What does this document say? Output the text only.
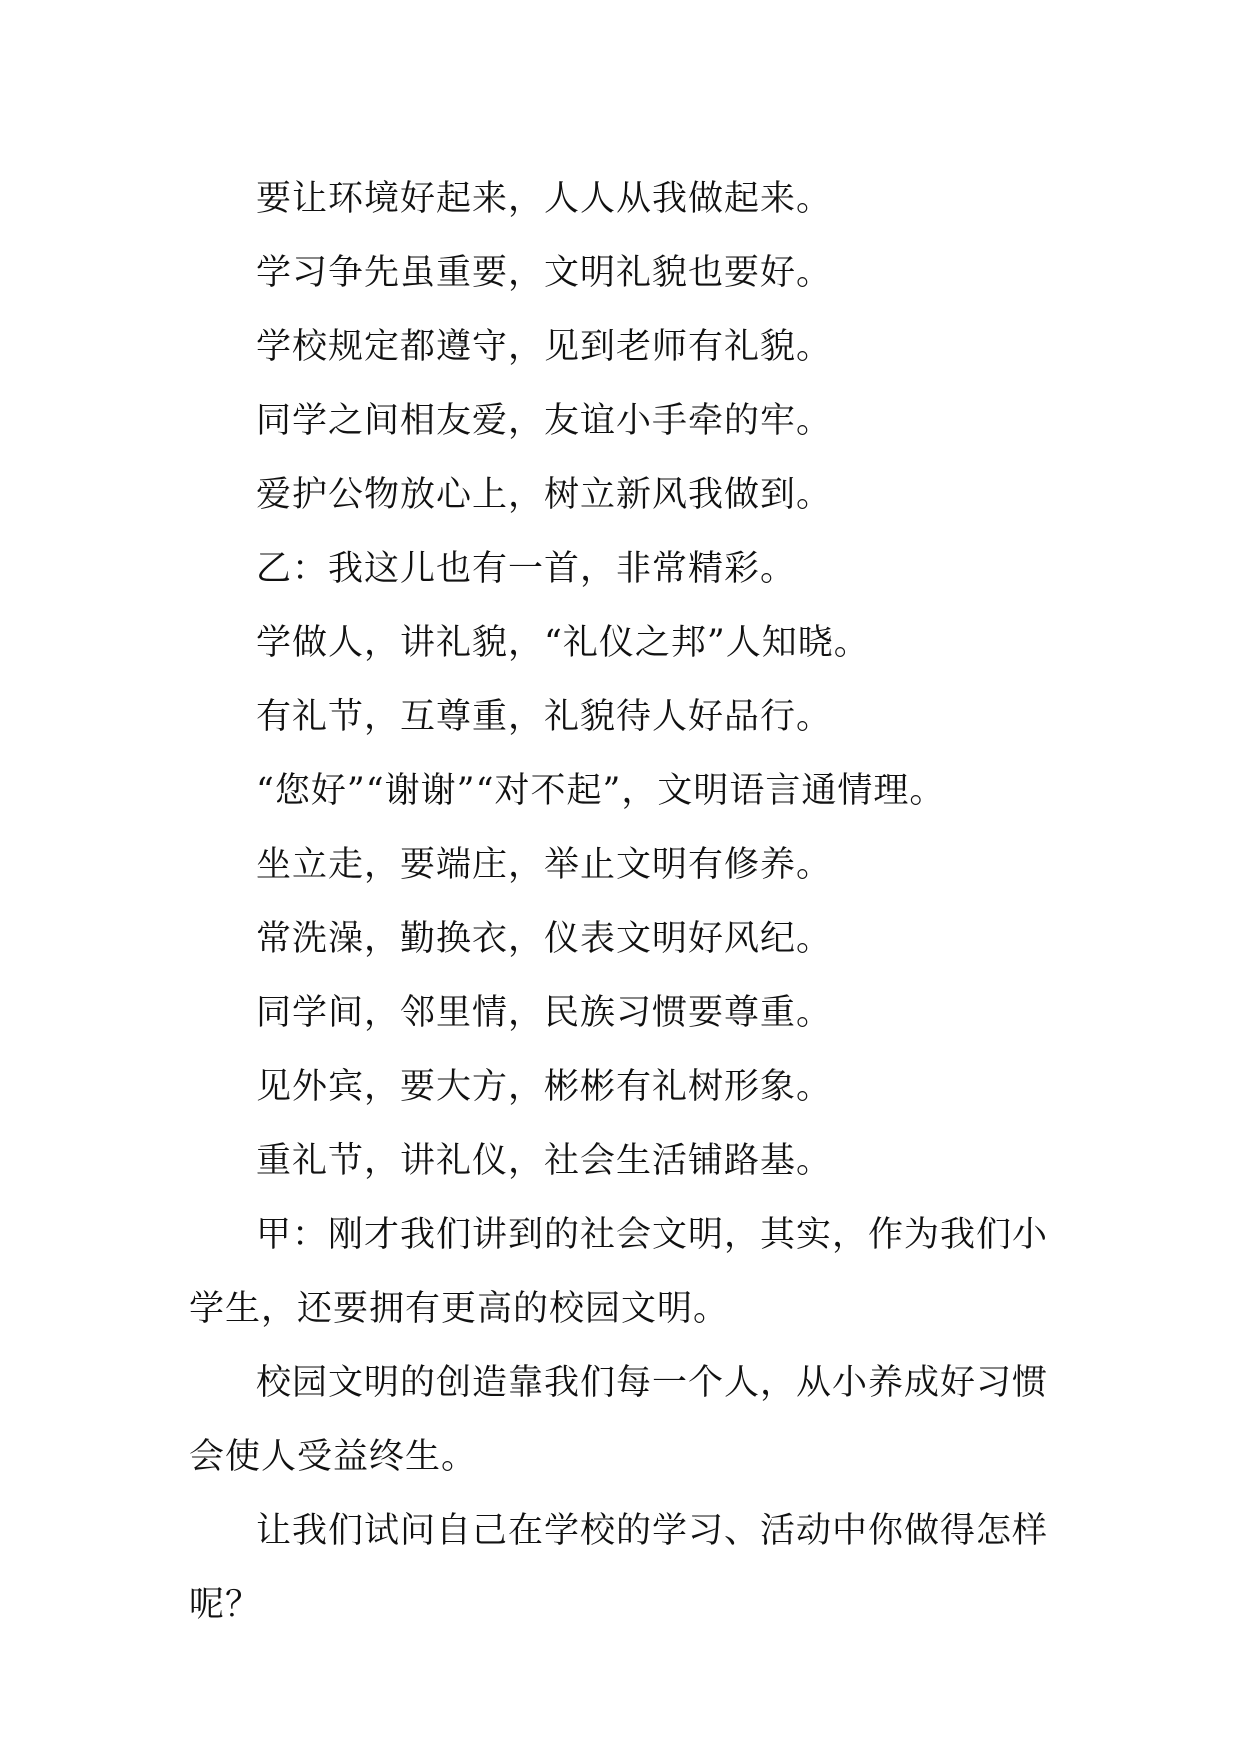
要让环境好起来，人人从我做起来。

学习争先虽重要，文明礼貌也要好。

学校规定都遵守，见到老师有礼貌。

同学之间相友爱，友谊小手牵的牢。

爱护公物放心上，树立新风我做到。

乙：我这儿也有一首，非常精彩。

学做人，讲礼貌，“礼仪之邦”人知晓。

有礼节，互尊重，礼貌待人好品行。

“您好”“谢谢”“对不起”，文明语言通情理。

坐立走，要端庄，举止文明有修养。

常洗澡，勤换衣，仪表文明好风纪。

同学间，邻里情，民族习惯要尊重。

见外宾，要大方，彬彬有礼树形象。

重礼节，讲礼仪，社会生活铺路基。

甲：刚才我们讲到的社会文明，其实，作为我们小学生，还要拥有更高的校园文明。

校园文明的创造靠我们每一个人，从小养成好习惯会使人受益终生。

让我们试问自己在学校的学习、活动中你做得怎样呢？
